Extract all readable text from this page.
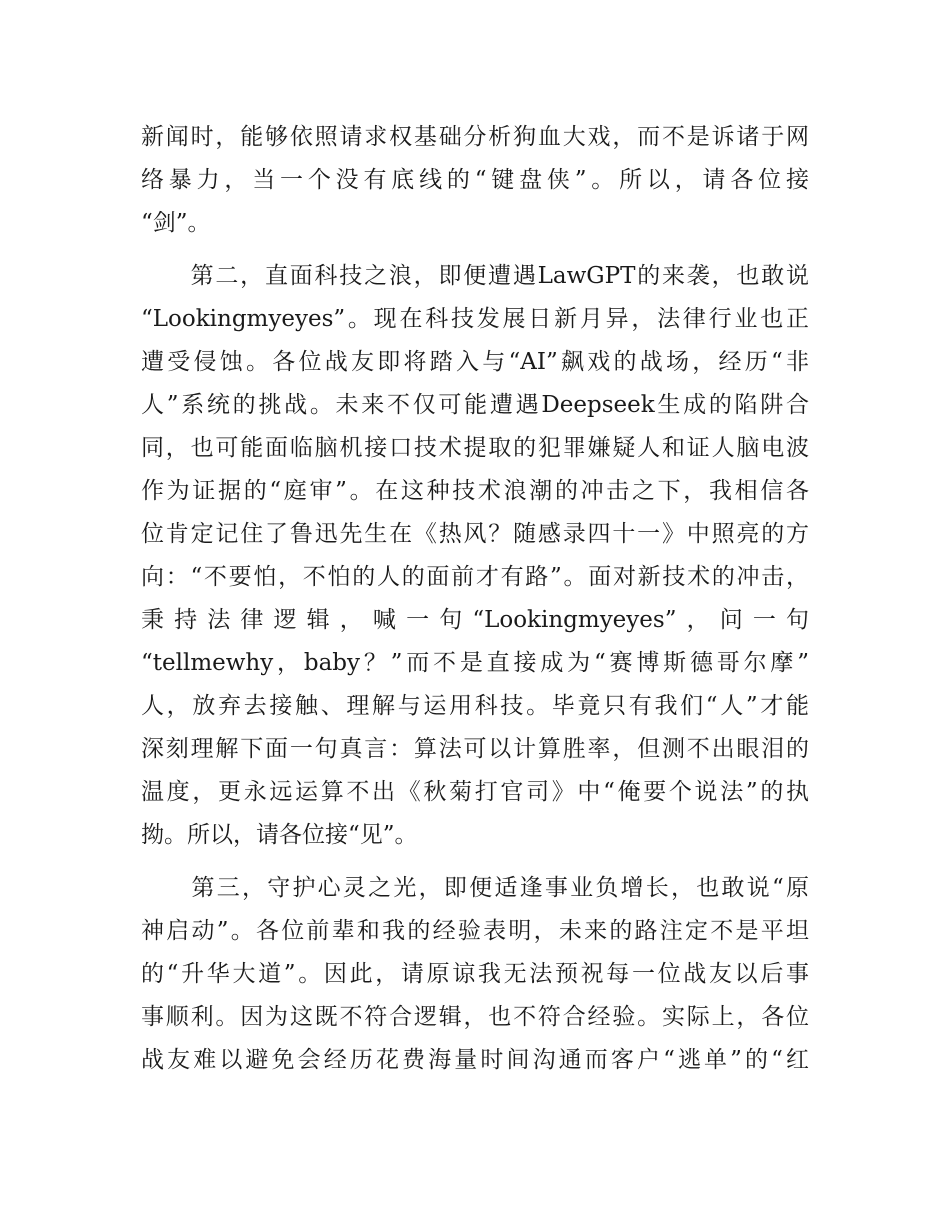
新闻时，能够依照请求权基础分析狗血大戏，而不是诉诸于网
络暴力，当一个没有底线的“键盘侠”。所以，请各位接
“剑”。
　　第二，直面科技之浪，即便遭遇LawGPT的来袭，也敢说
“Lookingmyeyes”。现在科技发展日新月异，法律行业也正
遭受侵蚀。各位战友即将踏入与“AI”飙戏的战场，经历“非
人”系统的挑战。未来不仅可能遭遇Deepseek生成的陷阱合
同，也可能面临脑机接口技术提取的犯罪嫌疑人和证人脑电波
作为证据的“庭审”。在这种技术浪潮的冲击之下，我相信各
位肯定记住了鲁迅先生在《热风？随感录四十一》中照亮的方
向：“不要怕，不怕的人的面前才有路”。面对新技术的冲击，
秉持法律逻辑，喊一句“Lookingmyeyes”，问一句
“tellmewhy，baby？”而不是直接成为“赛博斯德哥尔摩”
人，放弃去接触、理解与运用科技。毕竟只有我们“人”才能
深刻理解下面一句真言：算法可以计算胜率，但测不出眼泪的
温度，更永远运算不出《秋菊打官司》中“俺要个说法”的执
拗。所以，请各位接“见”。
　　第三，守护心灵之光，即便适逢事业负增长，也敢说“原
神启动”。各位前辈和我的经验表明，未来的路注定不是平坦
的“升华大道”。因此，请原谅我无法预祝每一位战友以后事
事顺利。因为这既不符合逻辑，也不符合经验。实际上，各位
战友难以避免会经历花费海量时间沟通而客户“逃单”的“红
